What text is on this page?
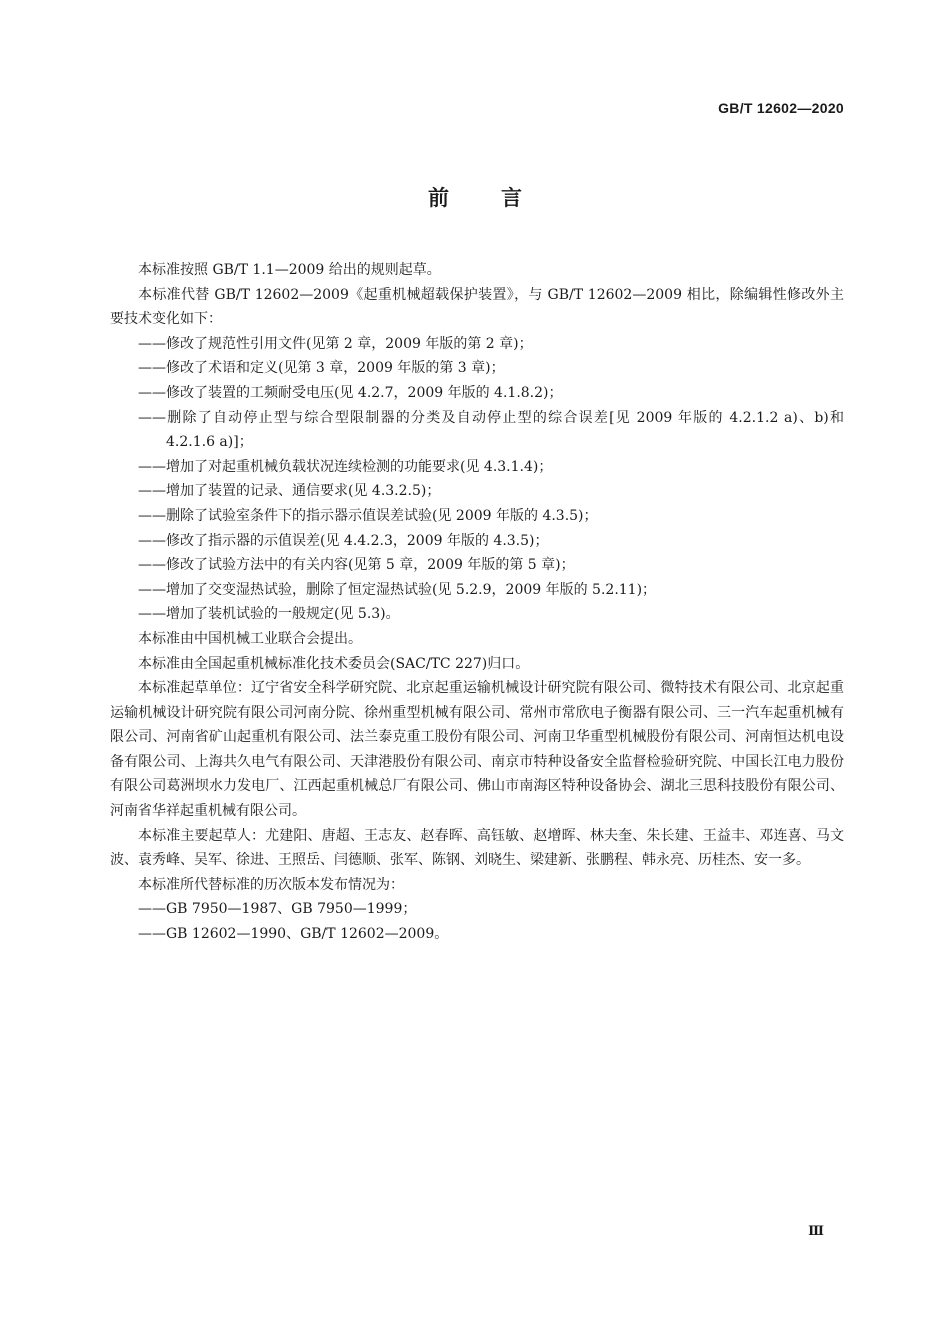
GB/T 12602—2020
前言

本标准按照 GB/T 1.1—2009 给出的规则起草。

本标准代替 GB/T 12602—2009《起重机械超载保护装置》，与 GB/T 12602—2009 相比，除编辑性修改外主要技术变化如下：

——修改了规范性引用文件(见第 2 章，2009 年版的第 2 章)；

——修改了术语和定义(见第 3 章，2009 年版的第 3 章)；

——修改了装置的工频耐受电压(见 4.2.7，2009 年版的 4.1.8.2)；

——删除了自动停止型与综合型限制器的分类及自动停止型的综合误差[见 2009 年版的 4.2.1.2 a)、b)和 4.2.1.6 a)]；

——增加了对起重机械负载状况连续检测的功能要求(见 4.3.1.4)；

——增加了装置的记录、通信要求(见 4.3.2.5)；

——删除了试验室条件下的指示器示值误差试验(见 2009 年版的 4.3.5)；

——修改了指示器的示值误差(见 4.4.2.3，2009 年版的 4.3.5)；

——修改了试验方法中的有关内容(见第 5 章，2009 年版的第 5 章)；

——增加了交变湿热试验，删除了恒定湿热试验(见 5.2.9，2009 年版的 5.2.11)；

——增加了装机试验的一般规定(见 5.3)。

本标准由中国机械工业联合会提出。

本标准由全国起重机械标准化技术委员会(SAC/TC 227)归口。

本标准起草单位：辽宁省安全科学研究院、北京起重运输机械设计研究院有限公司、微特技术有限公司、北京起重运输机械设计研究院有限公司河南分院、徐州重型机械有限公司、常州市常欣电子衡器有限公司、三一汽车起重机械有限公司、河南省矿山起重机有限公司、法兰泰克重工股份有限公司、河南卫华重型机械股份有限公司、河南恒达机电设备有限公司、上海共久电气有限公司、天津港股份有限公司、南京市特种设备安全监督检验研究院、中国长江电力股份有限公司葛洲坝水力发电厂、江西起重机械总厂有限公司、佛山市南海区特种设备协会、湖北三思科技股份有限公司、河南省华祥起重机械有限公司。

本标准主要起草人：尤建阳、唐超、王志友、赵春晖、高钰敏、赵增晖、林夫奎、朱长建、王益丰、邓连喜、马文波、袁秀峰、吴军、徐进、王照岳、闫德顺、张军、陈钢、刘晓生、梁建新、张鹏程、韩永亮、历桂杰、安一多。

本标准所代替标准的历次版本发布情况为：

——GB 7950—1987、GB 7950—1999；

——GB 12602—1990、GB/T 12602—2009。

Ⅲ
